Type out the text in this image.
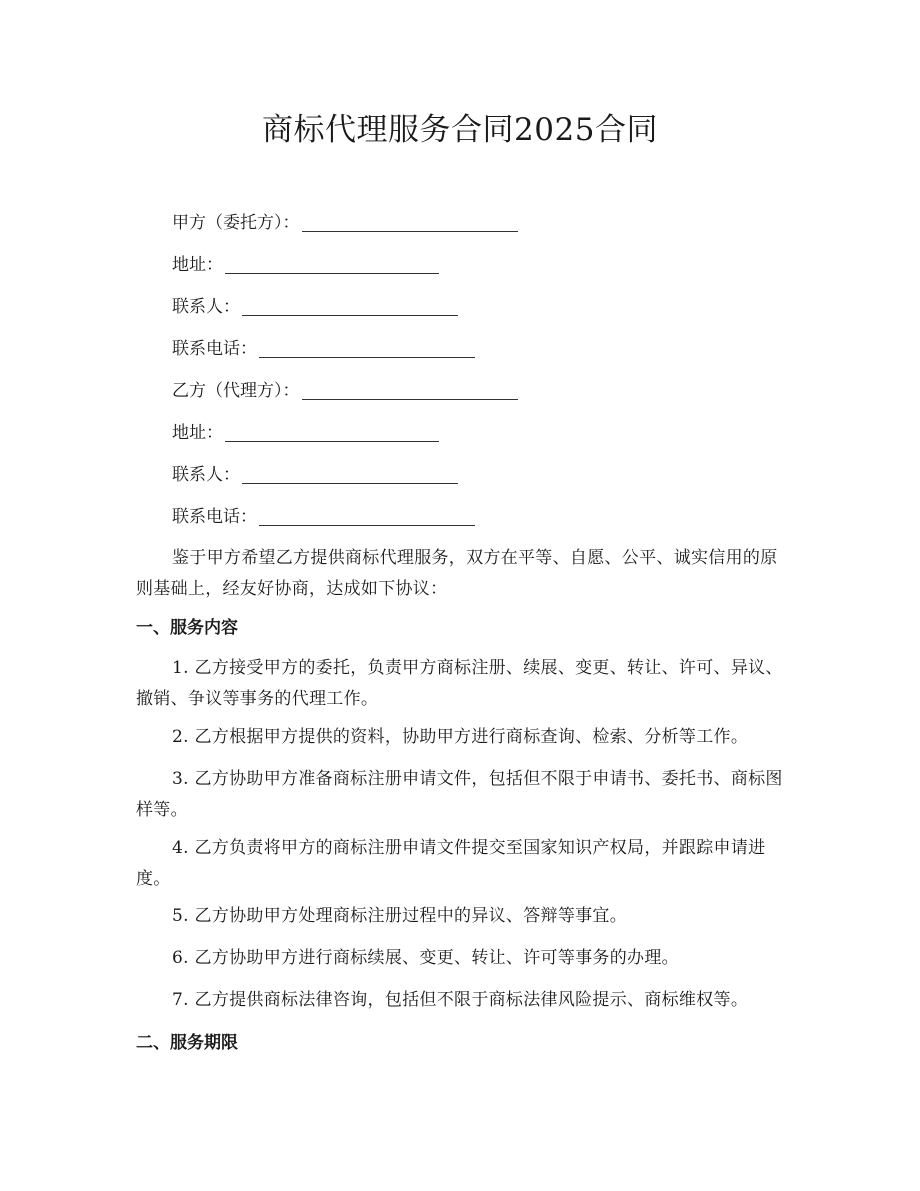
商标代理服务合同2025合同
甲方（委托方）：
地址：
联系人：
联系电话：
乙方（代理方）：
地址：
联系人：
联系电话：
鉴于甲方希望乙方提供商标代理服务，双方在平等、自愿、公平、诚实信用的原则基础上，经友好协商，达成如下协议：
一、服务内容
1. 乙方接受甲方的委托，负责甲方商标注册、续展、变更、转让、许可、异议、撤销、争议等事务的代理工作。
2. 乙方根据甲方提供的资料，协助甲方进行商标查询、检索、分析等工作。
3. 乙方协助甲方准备商标注册申请文件，包括但不限于申请书、委托书、商标图样等。
4. 乙方负责将甲方的商标注册申请文件提交至国家知识产权局，并跟踪申请进度。
5. 乙方协助甲方处理商标注册过程中的异议、答辩等事宜。
6. 乙方协助甲方进行商标续展、变更、转让、许可等事务的办理。
7. 乙方提供商标法律咨询，包括但不限于商标法律风险提示、商标维权等。
二、服务期限
